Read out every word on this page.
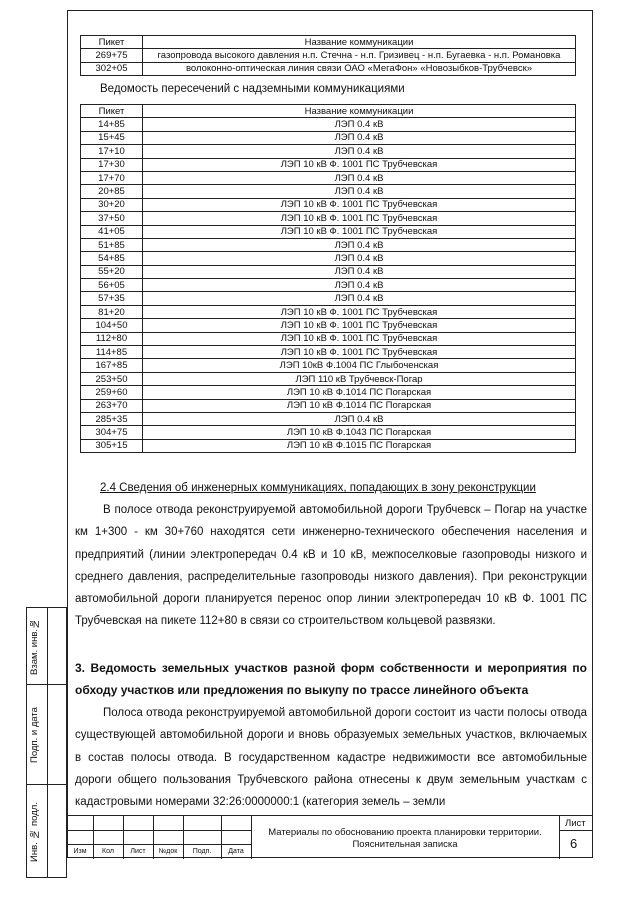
Пикет	Название коммуникации
269+75	газопровода высокого давления н.п. Стечна - н.п. Гризивец - н.п. Бугаевка - н.п. Романовка
302+05	волоконно-оптическая линия связи ОАО «МегаФон» «Новозыбков-Трубчевск»
Ведомость пересечений с надземными коммуникациями
Пикет	Название коммуникации
14+85	ЛЭП 0.4 кВ
15+45	ЛЭП 0.4 кВ
17+10	ЛЭП 0.4 кВ
17+30	ЛЭП 10 кВ Ф. 1001 ПС Трубчевская
17+70	ЛЭП 0.4 кВ
20+85	ЛЭП 0.4 кВ
30+20	ЛЭП 10 кВ Ф. 1001 ПС Трубчевская
37+50	ЛЭП 10 кВ Ф. 1001 ПС Трубчевская
41+05	ЛЭП 10 кВ Ф. 1001 ПС Трубчевская
51+85	ЛЭП 0.4 кВ
54+85	ЛЭП 0.4 кВ
55+20	ЛЭП 0.4 кВ
56+05	ЛЭП 0.4 кВ
57+35	ЛЭП 0.4 кВ
81+20	ЛЭП 10 кВ Ф. 1001 ПС Трубчевская
104+50	ЛЭП 10 кВ Ф. 1001 ПС Трубчевская
112+80	ЛЭП 10 кВ Ф. 1001 ПС Трубчевская
114+85	ЛЭП 10 кВ Ф. 1001 ПС Трубчевская
167+85	ЛЭП 10кВ Ф.1004 ПС Глыбоченская
253+50	ЛЭП 110 кВ Трубчевск-Погар
259+60	ЛЭП 10 кВ Ф.1014 ПС Погарская
263+70	ЛЭП 10 кВ Ф.1014 ПС Погарская
285+35	ЛЭП 0.4 кВ
304+75	ЛЭП 10 кВ Ф.1043 ПС Погарская
305+15	ЛЭП 10 кВ Ф.1015 ПС Погарская
2.4 Сведения об инженерных коммуникациях, попадающих в зону реконструкции

В полосе отвода реконструируемой автомобильной дороги Трубчевск – Погар на участке км 1+300 - км 30+760 находятся сети инженерно-технического обеспечения населения и предприятий (линии электропередач 0.4 кВ и 10 кВ, межпоселковые газопроводы низкого и среднего давления, распределительные газопроводы низкого давления). При реконструкции автомобильной дороги планируется перенос опор линии электропередач 10 кВ Ф. 1001 ПС Трубчевская на пикете 112+80 в связи со строительством кольцевой развязки.

3. Ведомость земельных участков разной форм собственности и мероприятия по обходу участков или предложения по выкупу по трассе линейного объекта

Полоса отвода реконструируемой автомобильной дороги состоит из части полосы отвода существующей автомобильной дороги и вновь образуемых земельных участков, включаемых в состав полосы отвода. В государственном кадастре недвижимости все автомобильные дороги общего пользования Трубчевского района отнесены к двум земельным участкам с кадастровыми номерами 32:26:0000000:1 (категория земель – земли

Взам. инв.№
Подп. и дата
Инв. № подл.	Изм	Кол	Лист	№док	Подп.	Дата
Материалы по обоснованию проекта планировки территории.
Пояснительная записка
Лист
6
